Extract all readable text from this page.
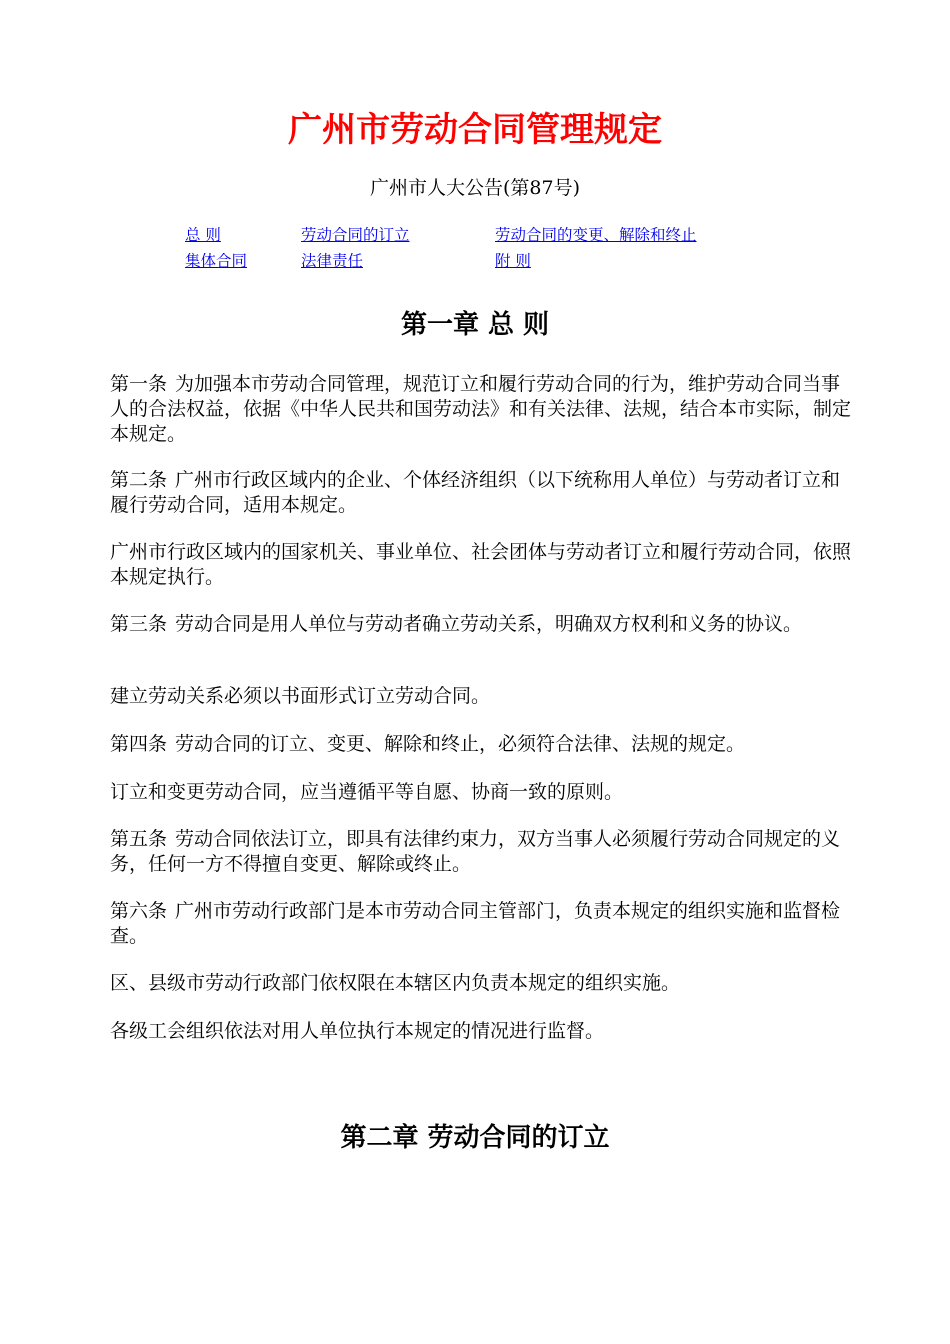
广州市劳动合同管理规定
广州市人大公告(第87号)
总 则	劳动合同的订立	劳动合同的变更、解除和终止
集体合同	法律责任	附 则
第一章 总 则

第一条 为加强本市劳动合同管理，规范订立和履行劳动合同的行为，维护劳动合同当事人的合法权益，依据《中华人民共和国劳动法》和有关法律、法规，结合本市实际，制定本规定。

第二条 广州市行政区域内的企业、个体经济组织（以下统称用人单位）与劳动者订立和履行劳动合同，适用本规定。

广州市行政区域内的国家机关、事业单位、社会团体与劳动者订立和履行劳动合同，依照本规定执行。

第三条 劳动合同是用人单位与劳动者确立劳动关系，明确双方权利和义务的协议。

建立劳动关系必须以书面形式订立劳动合同。

第四条 劳动合同的订立、变更、解除和终止，必须符合法律、法规的规定。

订立和变更劳动合同，应当遵循平等自愿、协商一致的原则。

第五条 劳动合同依法订立，即具有法律约束力，双方当事人必须履行劳动合同规定的义务，任何一方不得擅自变更、解除或终止。

第六条 广州市劳动行政部门是本市劳动合同主管部门，负责本规定的组织实施和监督检查。

区、县级市劳动行政部门依权限在本辖区内负责本规定的组织实施。

各级工会组织依法对用人单位执行本规定的情况进行监督。

第二章 劳动合同的订立
